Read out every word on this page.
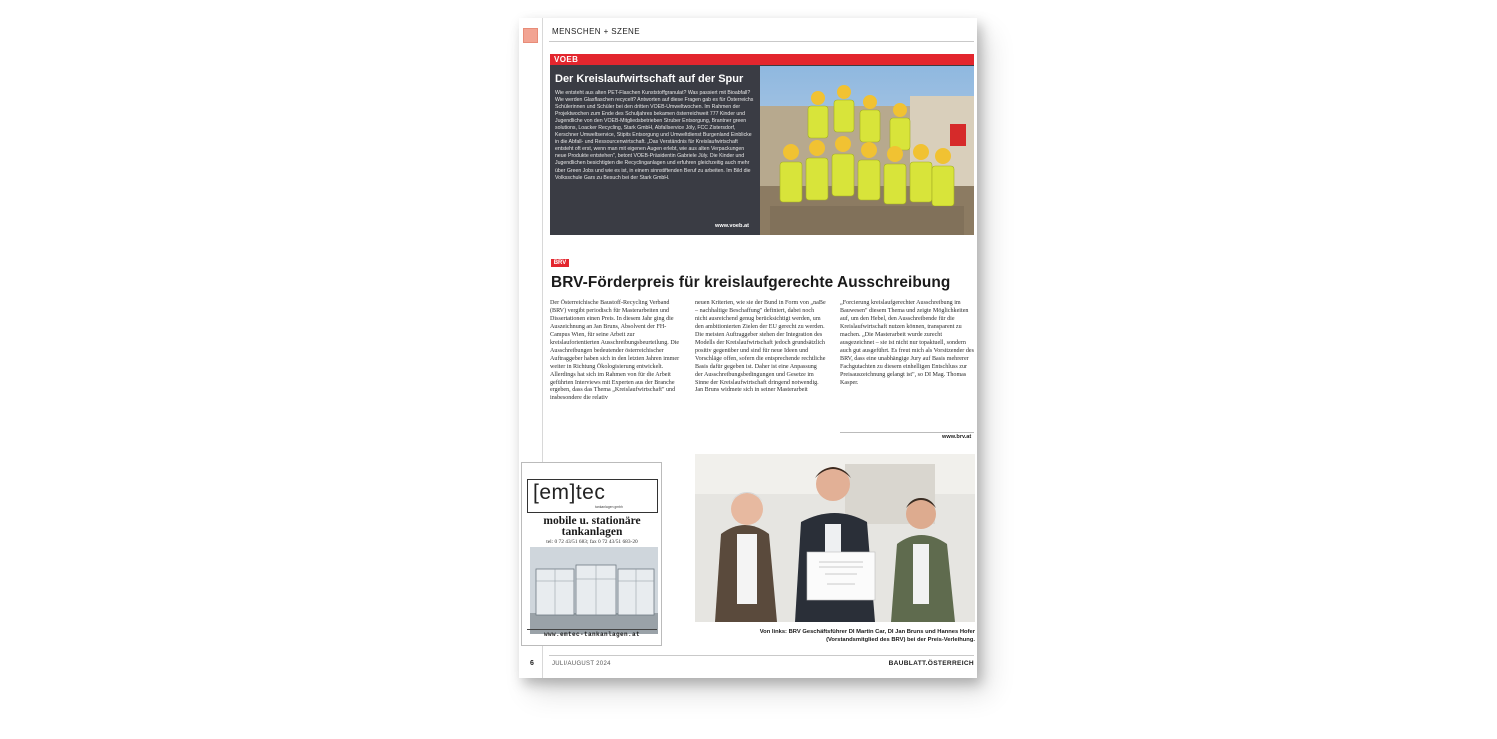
MENSCHEN + SZENE
VOEB
Der Kreislaufwirtschaft auf der Spur
Wie entsteht aus alten PET-Flaschen Kunststoffgranulat? Was passiert mit Bioabfall? Wie werden Glasflaschen recycelt? Antworten auf diese Fragen gab es für Österreichs Schülerinnen und Schüler bei den dritten VOEB-Umweltwochen. Im Rahmen der Projektwochen zum Ende des Schuljahres bekamen österreichweit 777 Kinder und Jugendliche von den VOEB-Mitgliedsbetrieben Struber Entsorgung, Brantner green solutions, Loacker Recycling, Stark GmbH, Abfallservice Jöly, FCC Zistersdorf, Kerschner Umweltservice, Stipits Entsorgung und Umweltdienst Burgenland Einblicke in die Abfall- und Ressourcenwirtschaft. „Das Verständnis für Kreislaufwirtschaft entsteht oft erst, wenn man mit eigenen Augen erlebt, wie aus alten Verpackungen neue Produkte entstehen", betont VOEB-Präsidentin Gabriele Jüly. Die Kinder und Jugendlichen besichtigten die Recyclinganlagen und erfuhren gleichzeitig auch mehr über Green Jobs und wie es ist, in einem sinnstiftenden Beruf zu arbeiten. Im Bild die Volksschule Gars zu Besuch bei der Stark GmbH.
www.voeb.at
BRV
BRV-Förderpreis für kreislaufgerechte Ausschreibung
Der Österreichische Baustoff-Recycling Verband (BRV) vergibt periodisch für Masterarbeiten und Dissertationen einen Preis. In diesem Jahr ging die Auszeichnung an Jan Bruns, Absolvent der FH-Campus Wien, für seine Arbeit zur kreislauforientierten Ausschreibungsbeurteilung. Die Ausschreibungen bedeutender österreichischer Auftraggeber haben sich in den letzten Jahren immer weiter in Richtung Ökologisierung entwickelt. Allerdings hat sich im Rahmen von für die Arbeit geführten Interviews mit Experten aus der Branche ergeben, dass das Thema „Kreislaufwirtschaft" und insbesondere die relativ
neuen Kriterien, wie sie der Bund in Form von „naBe – nachhaltige Beschaffung" definiert, dabei noch nicht ausreichend genug berücksichtigt werden, um den ambitionierten Zielen der EU gerecht zu werden. Die meisten Auftraggeber stehen der Integration des Modells der Kreislaufwirtschaft jedoch grundsätzlich positiv gegenüber und sind für neue Ideen und Vorschläge offen, sofern die entsprechende rechtliche Basis dafür gegeben ist. Daher ist eine Anpassung der Ausschreibungsbedingungen und Gesetze im Sinne der Kreislaufwirtschaft dringend notwendig. Jan Bruns widmete sich in seiner Masterarbeit
„Forcierung kreislaufgerechter Ausschreibung im Bauwesen" diesem Thema und zeigte Möglichkeiten auf, um den Hebel, den Ausschreibende für die Kreislaufwirtschaft nutzen können, transparent zu machen. „Die Masterarbeit wurde zurecht ausgezeichnet – sie ist nicht nur topaktuell, sondern auch gut ausgeführt. Es freut mich als Vorsitzender des BRV, dass eine unabhängige Jury auf Basis mehrerer Fachgutachten zu diesem einhelligen Entschluss zur Preisauszeichnung gelangt ist", so DI Mag. Thomas Kasper.
www.brv.at
[em]tec
tankanlagen gmbh
mobile u. stationäre
tankanlagen
tel: 0 72 43/51 683; fax 0 72 43/51 683-20
www.emtec-tankanlagen.at	Von links: BRV Geschäftsführer DI Martin Car, DI Jan Bruns und Hannes Hofer
(Vorstandsmitglied des BRV) bei der Preis-Verleihung.
6	JULI/AUGUST 2024	BAUBLATT.ÖSTERREICH
